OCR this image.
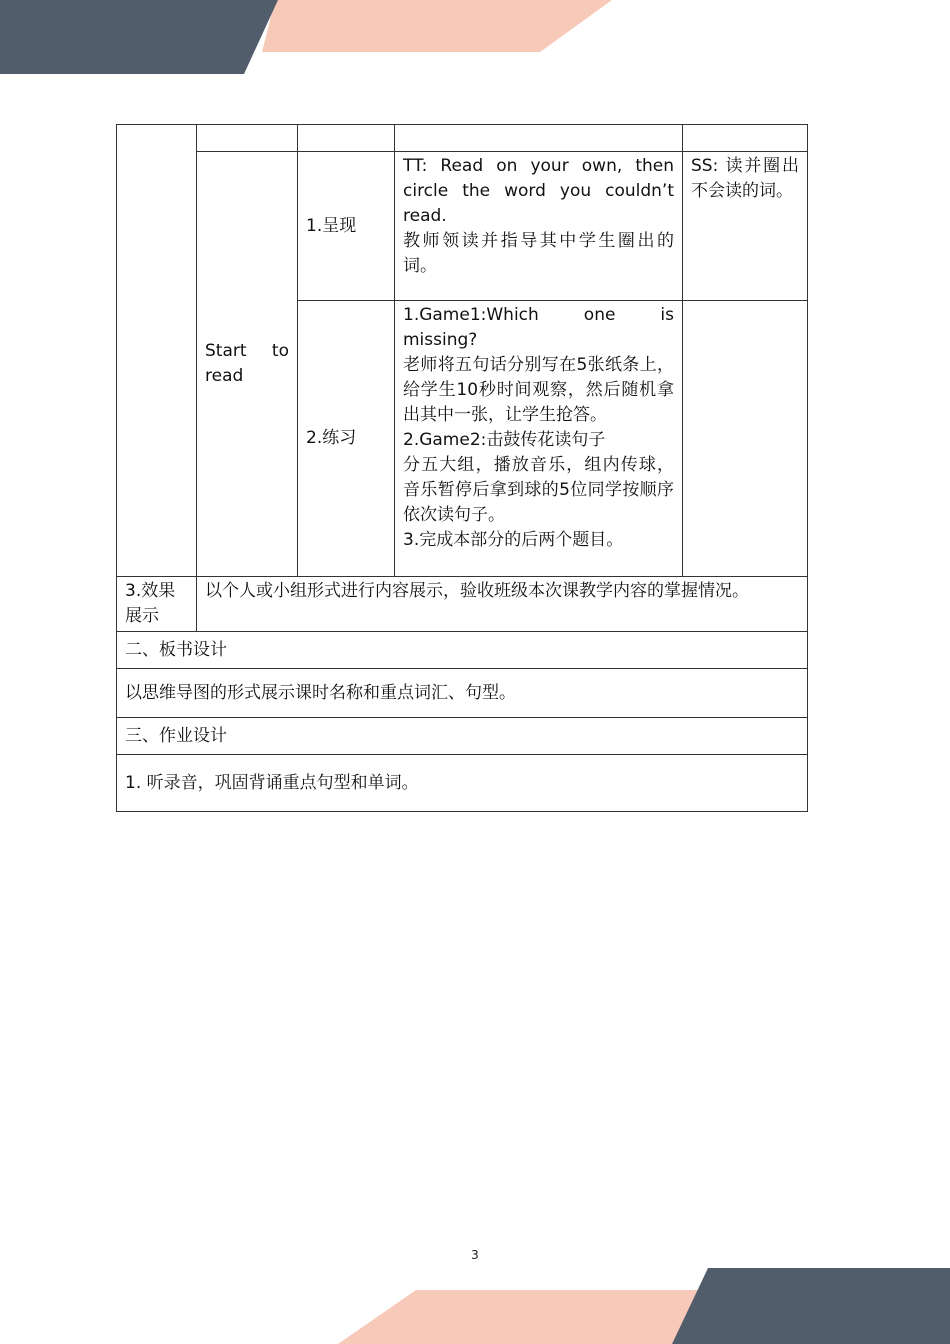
	Start to read	1.呈现	TT: Read on your own, then circle the word you couldn’t read.
教师领读并指导其中学生圈出的词。	SS: 读并圈出不会读的词。
		2.练习	1.Game1:Which one is missing?
老师将五句话分别写在5张纸条上，给学生10秒时间观察，然后随机拿出其中一张，让学生抢答。
2.Game2:击鼓传花读句子
分五大组，播放音乐，组内传球，音乐暂停后拿到球的5位同学按顺序依次读句子。
3.完成本部分的后两个题目。	

3.效果展示	以个人或小组形式进行内容展示，验收班级本次课教学内容的掌握情况。			
二、板书设计				
以思维导图的形式展示课时名称和重点词汇、句型。				
三、作业设计				
1. 听录音，巩固背诵重点句型和单词。				
3
